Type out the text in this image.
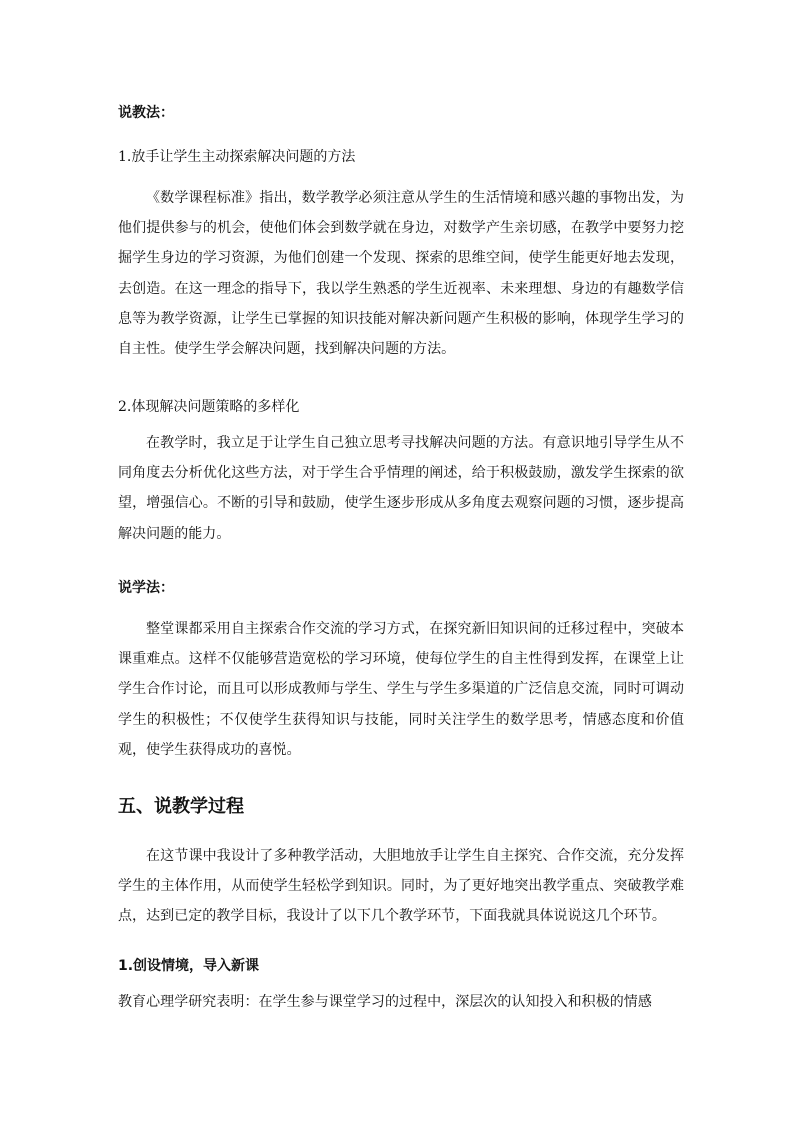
说教法：
1.放手让学生主动探索解决问题的方法

《数学课程标准》指出，数学教学必须注意从学生的生活情境和感兴趣的事物出发，为他们提供参与的机会，使他们体会到数学就在身边，对数学产生亲切感，在教学中要努力挖掘学生身边的学习资源，为他们创建一个发现、探索的思维空间，使学生能更好地去发现，去创造。在这一理念的指导下，我以学生熟悉的学生近视率、未来理想、身边的有趣数学信息等为教学资源，让学生已掌握的知识技能对解决新问题产生积极的影响，体现学生学习的自主性。使学生学会解决问题，找到解决问题的方法。

2.体现解决问题策略的多样化

在教学时，我立足于让学生自己独立思考寻找解决问题的方法。有意识地引导学生从不同角度去分析优化这些方法，对于学生合乎情理的阐述，给于积极鼓励，激发学生探索的欲望，增强信心。不断的引导和鼓励，使学生逐步形成从多角度去观察问题的习惯，逐步提高解决问题的能力。

说学法：

整堂课都采用自主探索合作交流的学习方式，在探究新旧知识间的迁移过程中，突破本课重难点。这样不仅能够营造宽松的学习环境，使每位学生的自主性得到发挥，在课堂上让学生合作讨论，而且可以形成教师与学生、学生与学生多渠道的广泛信息交流，同时可调动学生的积极性；不仅使学生获得知识与技能，同时关注学生的数学思考，情感态度和价值观，使学生获得成功的喜悦。

五、说教学过程

在这节课中我设计了多种教学活动，大胆地放手让学生自主探究、合作交流，充分发挥学生的主体作用，从而使学生轻松学到知识。同时，为了更好地突出教学重点、突破教学难点，达到已定的教学目标，我设计了以下几个教学环节，下面我就具体说说这几个环节。

1.创设情境，导入新课

教育心理学研究表明：在学生参与课堂学习的过程中，深层次的认知投入和积极的情感
